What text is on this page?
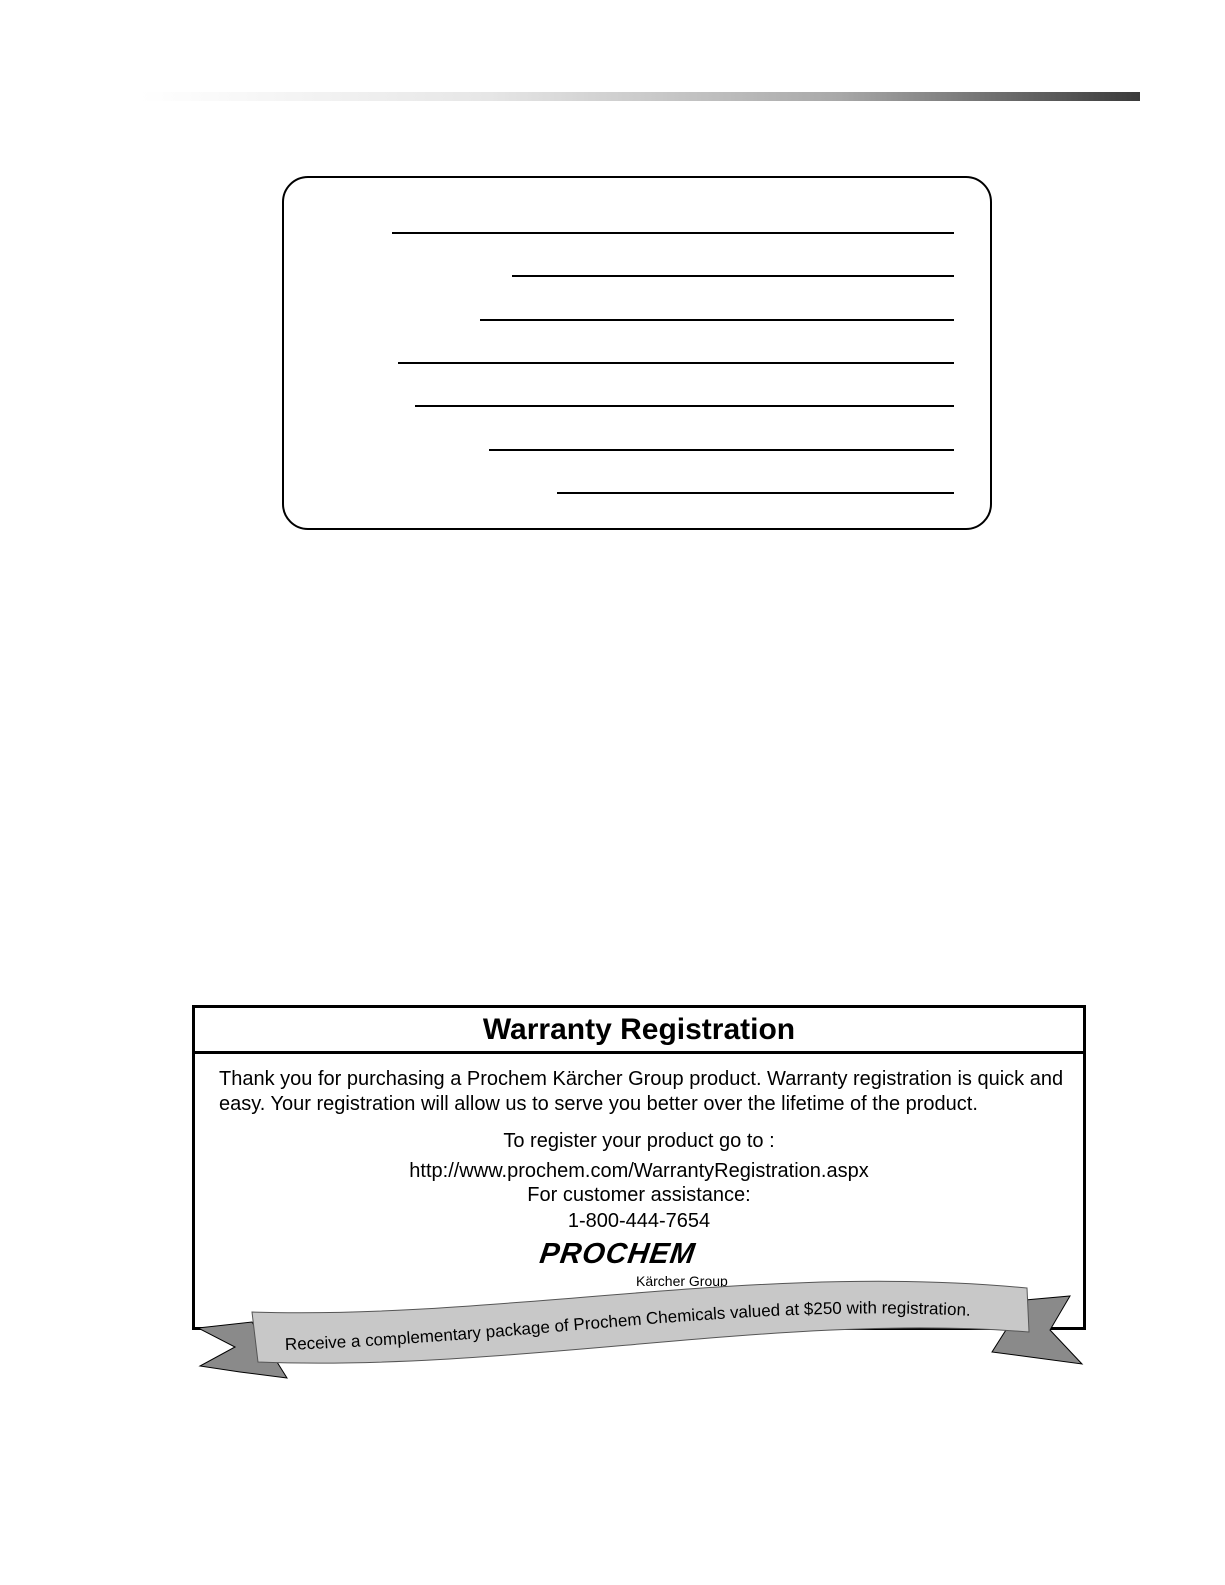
Warranty Registration
Thank you for purchasing a Prochem Kärcher Group product. Warranty registration is quick and easy. Your registration will allow us to serve you better over the lifetime of the product.
To register your product go to :
http://www.prochem.com/WarrantyRegistration.aspx
For customer assistance:
1-800-444-7654
PROCHEM
Kärcher Group
Receive a complementary package of Prochem Chemicals valued at $250 with registration.
